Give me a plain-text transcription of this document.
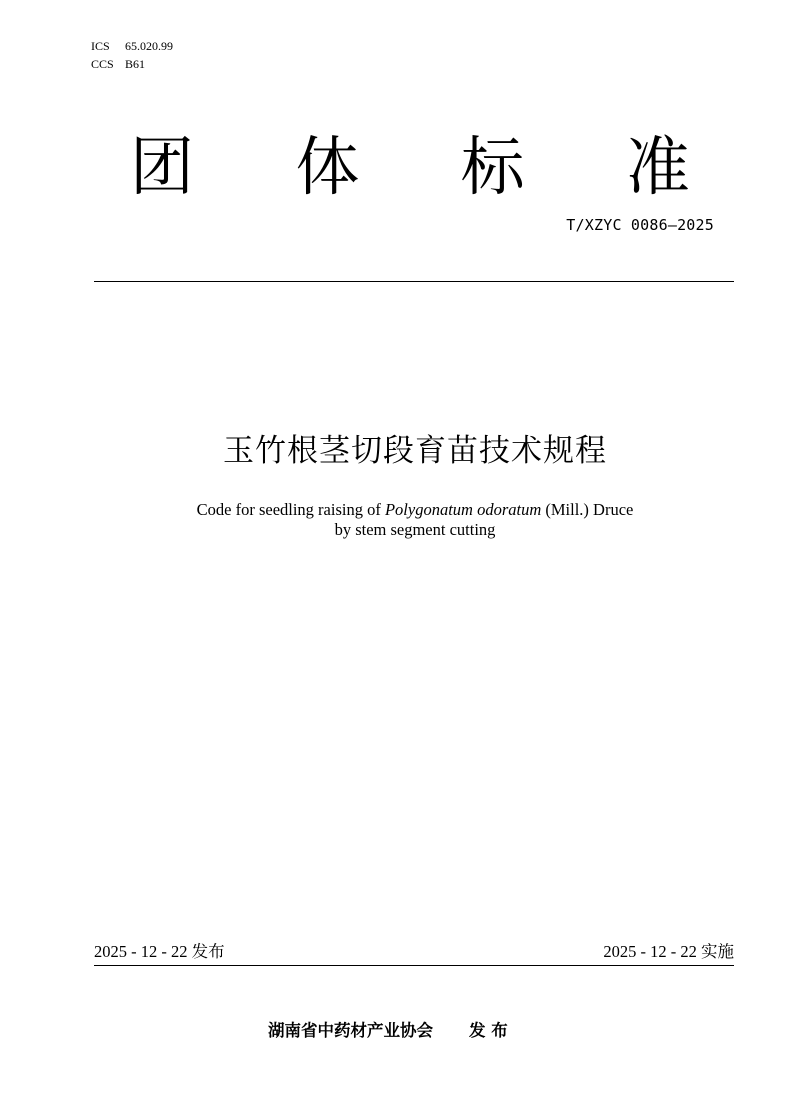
ICS 65.020.99
CCS B61
团 体 标 准
T/XZYC 0086—2025
玉竹根茎切段育苗技术规程
Code for seedling raising of Polygonatum odoratum (Mill.) Druce
by stem segment cutting
2025 - 12 - 22 发布	2025 - 12 - 22 实施
湖南省中药材产业协会 发 布
